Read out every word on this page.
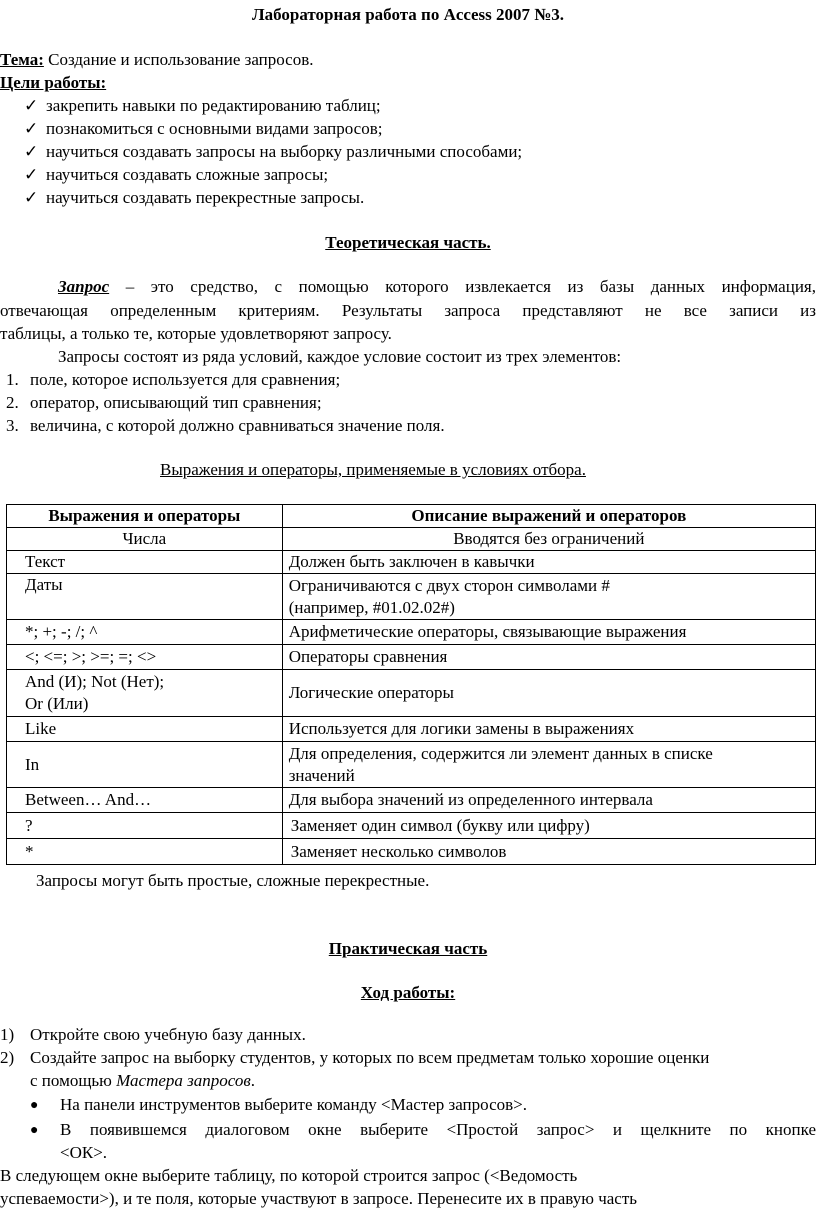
Лабораторная работа по Access 2007 №3.
Тема: Создание и использование запросов.
Цели работы:
✓ закрепить навыки по редактированию таблиц;
✓ познакомиться с основными видами запросов;
✓ научиться создавать запросы на выборку различными способами;
✓ научиться создавать сложные запросы;
✓ научиться создавать перекрестные запросы.
Теоретическая часть.
Запрос – это средство, с помощью которого извлекается из базы данных информация,
отвечающая определенным критериям. Результаты запроса представляют не все записи из
таблицы, а только те, которые удовлетворяют запросу.
Запросы состоят из ряда условий, каждое условие состоит из трех элементов:
1. поле, которое используется для сравнения;
2. оператор, описывающий тип сравнения;
3. величина, с которой должно сравниваться значение поля.
Выражения и операторы, применяемые в условиях отбора.
Выражения и операторы	Описание выражений и операторов
Числа	Вводятся без ограничений
Текст	Должен быть заключен в кавычки
Даты	Ограничиваются с двух сторон символами #
(например, #01.02.02#)

*; +; -; /; ^	Арифметические операторы, связывающие выражения
<; <=; >; >=; =; <>	Операторы сравнения

And (И); Not (Нет);
Or (Или)	Логические операторы
Like	Используется для логики замены в выражениях
In	Для определения, содержится ли элемент данных в списке
значений

Between… And…	Для выбора значений из определенного интервала
?	Заменяет один символ (букву или цифру)
*	Заменяет несколько символов
Запросы могут быть простые, сложные перекрестные.
Практическая часть
Ход работы:
1) Откройте свою учебную базу данных.
2) Создайте запрос на выборку студентов, у которых по всем предметам только хорошие оценки
с помощью Мастера запросов.
● На панели инструментов выберите команду <Мастер запросов>.
● В появившемся диалоговом окне выберите <Простой запрос> и щелкните по кнопке
<ОК>.
В следующем окне выберите таблицу, по которой строится запрос (<Ведомость
успеваемости>), и те поля, которые участвуют в запросе. Перенесите их в правую часть
